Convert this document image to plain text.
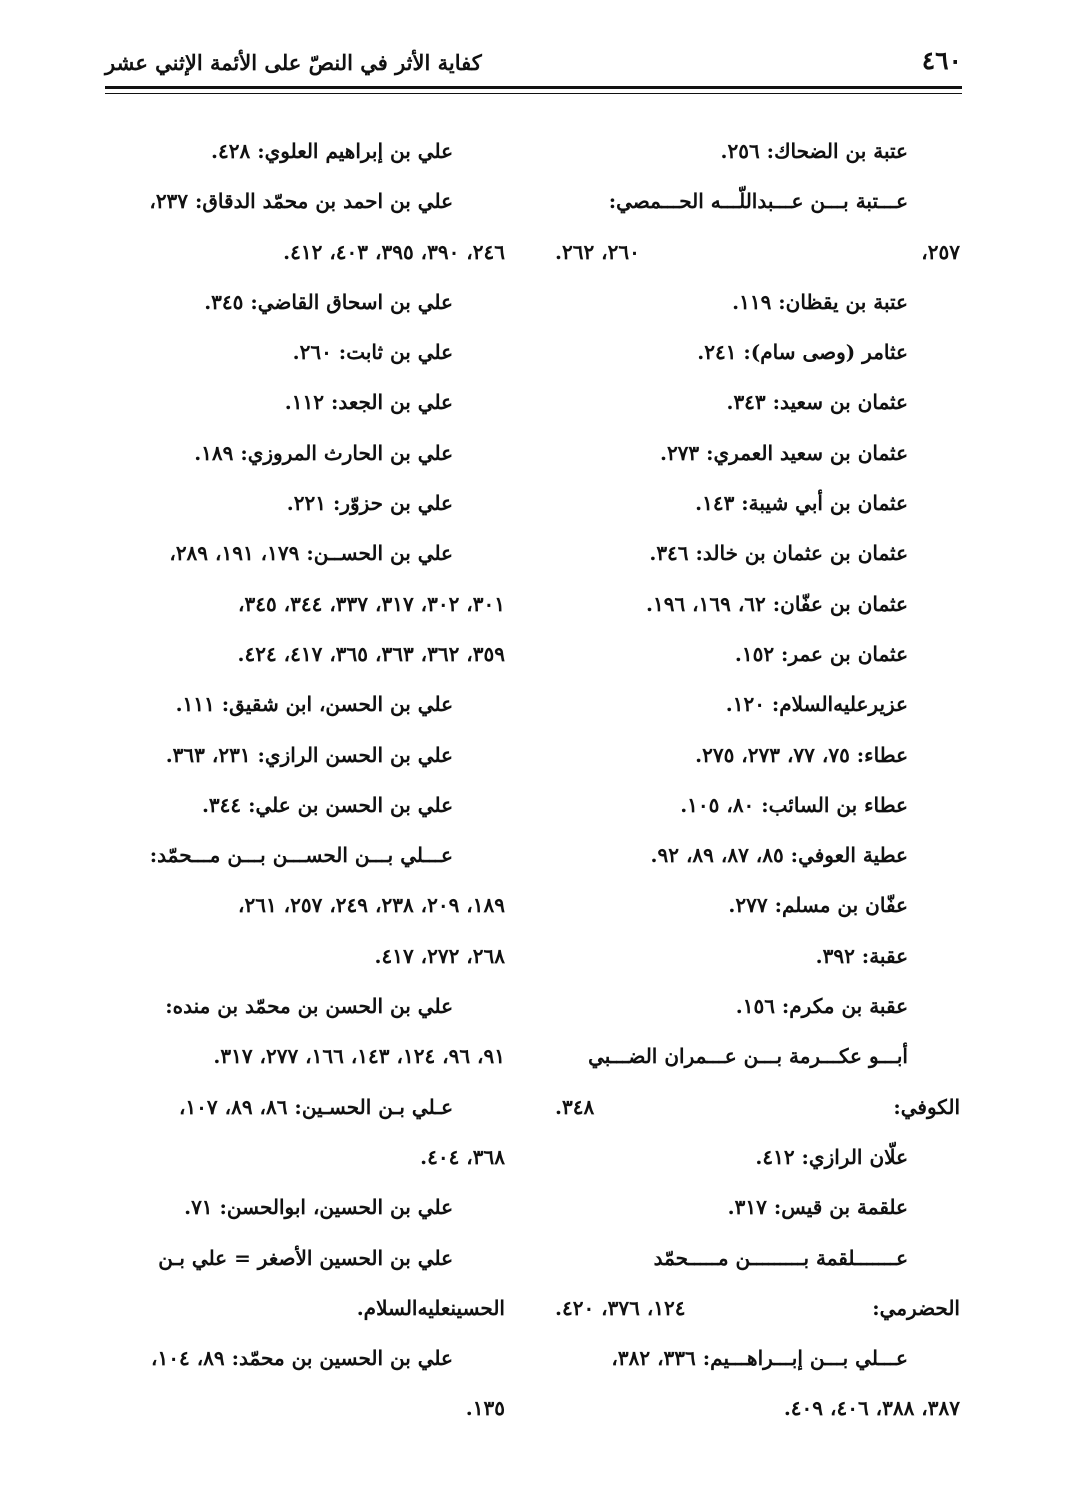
٤٦٠
كفاية الأثر في النصّ على الأئمة الإثني عشر
عتبة بن الضحاك: ٢٥٦.
عـــتبة بـــن عـــبداللّـــه الحـــمصي:
٢٥٧،
٢٦٠، ٢٦٢.
عتبة بن يقظان: ١١٩.
عثامر (وصى سام): ٢٤١.
عثمان بن سعيد: ٣٤٣.
عثمان بن سعيد العمري: ٢٧٣.
عثمان بن أبي شيبة: ١٤٣.
عثمان بن عثمان بن خالد: ٣٤٦.
عثمان بن عفّان: ٦٢، ١٦٩، ١٩٦.
عثمان بن عمر: ١٥٢.
عزيرعليه‌السلام: ١٢٠.
عطاء: ٧٥، ٧٧، ٢٧٣، ٢٧٥.
عطاء بن السائب: ٨٠، ١٠٥.
عطية العوفي: ٨٥، ٨٧، ٨٩، ٩٢.
عفّان بن مسلم: ٢٧٧.
عقبة: ٣٩٢.
عقبة بن مكرم: ١٥٦.
أبـــو عكـــرمة بـــن عـــمران الضـــبي
الكوفي:
٣٤٨.
علّان الرازي: ٤١٢.
علقمة بن قيس: ٣١٧.
عـــــــلقمة بـــــــــن مـــــحمّد
الحضرمي:
١٢٤، ٣٧٦، ٤٢٠.
عـــلي بـــن إبـــراهـــيم: ٣٣٦، ٣٨٢،
٣٨٧، ٣٨٨، ٤٠٦، ٤٠٩.
علي بن إبراهيم العلوي: ٤٢٨.
علي بن احمد بن محمّد الدقاق: ٢٣٧،
٢٤٦، ٣٩٠، ٣٩٥، ٤٠٣، ٤١٢.
علي بن اسحاق القاضي: ٣٤٥.
علي بن ثابت: ٢٦٠.
علي بن الجعد: ١١٢.
علي بن الحارث المروزي: ١٨٩.
علي بن حزوّر: ٢٢١.
علي بن الحســن: ١٧٩، ١٩١، ٢٨٩،
٣٠١، ٣٠٢، ٣١٧، ٣٣٧، ٣٤٤، ٣٤٥،
٣٥٩، ٣٦٢، ٣٦٣، ٣٦٥، ٤١٧، ٤٢٤.
علي بن الحسن، ابن شقيق: ١١١.
علي بن الحسن الرازي: ٢٣١، ٣٦٣.
علي بن الحسن بن علي: ٣٤٤.
عـــلي بـــن الحســـن بـــن مـــحمّد:
١٨٩، ٢٠٩، ٢٣٨، ٢٤٩، ٢٥٧، ٢٦١،
٢٦٨، ٢٧٢، ٤١٧.
علي بن الحسن بن محمّد بن منده:
٩١، ٩٦، ١٢٤، ١٤٣، ١٦٦، ٢٧٧، ٣١٧.
عـلي بـن الحسـين: ٨٦، ٨٩، ١٠٧،
٣٦٨، ٤٠٤.
علي بن الحسين، ابوالحسن: ٧١.
علي بن الحسين الأصغر = علي بـن
الحسينعليه‌السلام.
علي بن الحسين بن محمّد: ٨٩، ١٠٤،
١٣٥.
